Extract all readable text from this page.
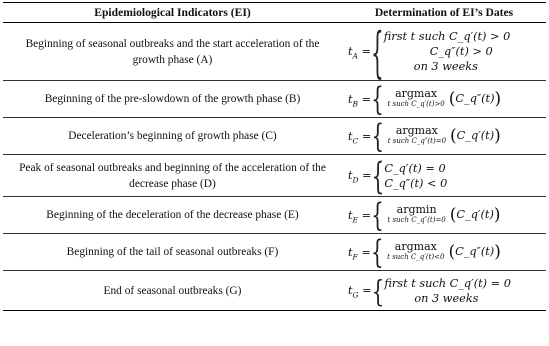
Epidemiological Indicators (EI)	Determination of EI’s Dates
Beginning of seasonal outbreaks and the start acceleration of the growth phase (A)	$t_A$ ={ first t such C_q′(t) > 0
C_q″(t) > 0
on 3 weeks

Beginning of the pre-slowdown of the growth phase (B)	$t_B$ ={ argmax
t such C_q′(t)>0 (C_q″(t))
Deceleration’s beginning of growth phase (C)	$t_C$ ={ argmax
t such C_q″(t)=0 (C_q′(t))
Peak of seasonal outbreaks and beginning of the acceleration of the decrease phase (D)	$t_D$ ={ C_q′(t) = 0
C_q″(t) < 0

Beginning of the deceleration of the decrease phase (E)	$t_E$ ={ argmin
t such C_q″(t)=0 (C_q′(t))
Beginning of the tail of seasonal outbreaks (F)	$t_F$ ={ argmax
t such C_q′(t)<0 (C_q″(t))
End of seasonal outbreaks (G)	$t_G$ ={ first t such C_q′(t) = 0
on 3 weeks
